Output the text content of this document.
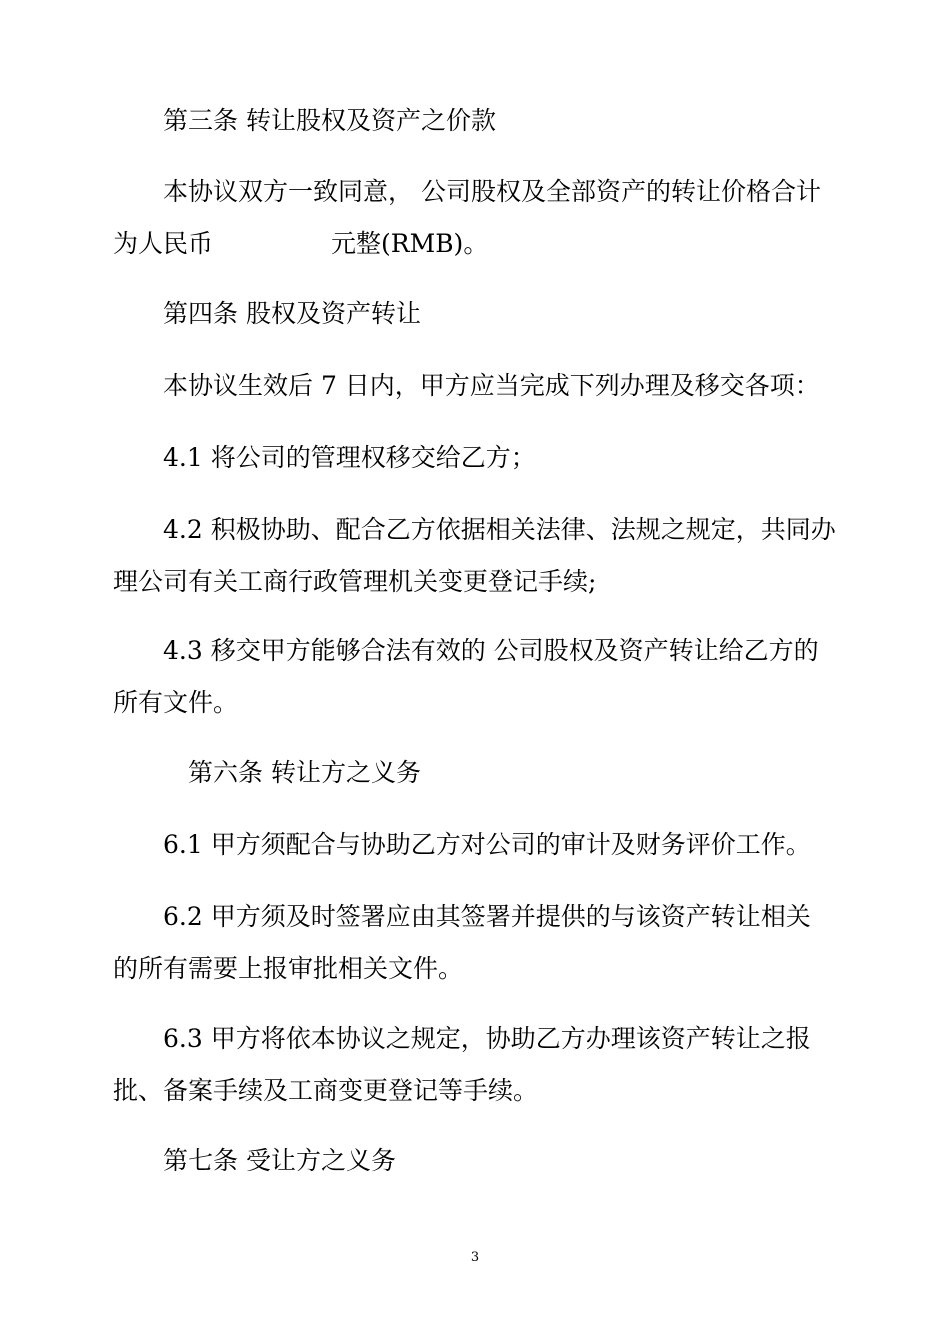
第三条 转让股权及资产之价款
本协议双方一致同意， 公司股权及全部资产的转让价格合计
为人民币	元整(RMB)。
第四条 股权及资产转让
本协议生效后 7 日内，甲方应当完成下列办理及移交各项：
4.1 将公司的管理权移交给乙方；
4.2 积极协助、配合乙方依据相关法律、法规之规定，共同办
理公司有关工商行政管理机关变更登记手续;
4.3 移交甲方能够合法有效的 公司股权及资产转让给乙方的
所有文件。
第六条 转让方之义务
6.1 甲方须配合与协助乙方对公司的审计及财务评价工作。
6.2 甲方须及时签署应由其签署并提供的与该资产转让相关
的所有需要上报审批相关文件。
6.3 甲方将依本协议之规定，协助乙方办理该资产转让之报
批、备案手续及工商变更登记等手续。
第七条 受让方之义务
3
